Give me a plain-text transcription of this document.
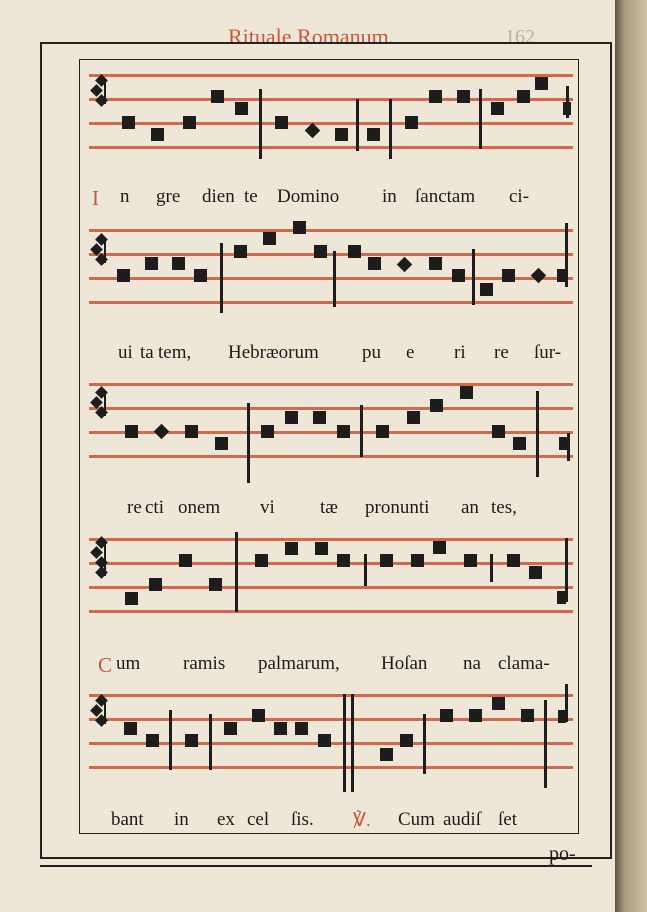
162
Rituale Romanum.
I n gre dien te Domino in ſanctam ci-
ui ta tem, Hebræorum pu e ri re ſur-
re cti onem vi tæ pronunti an tes,
C um ramis palmarum, Hoſan na clama-
bant in ex cel ſis. ℣. Cum audiſ ſet
po-
